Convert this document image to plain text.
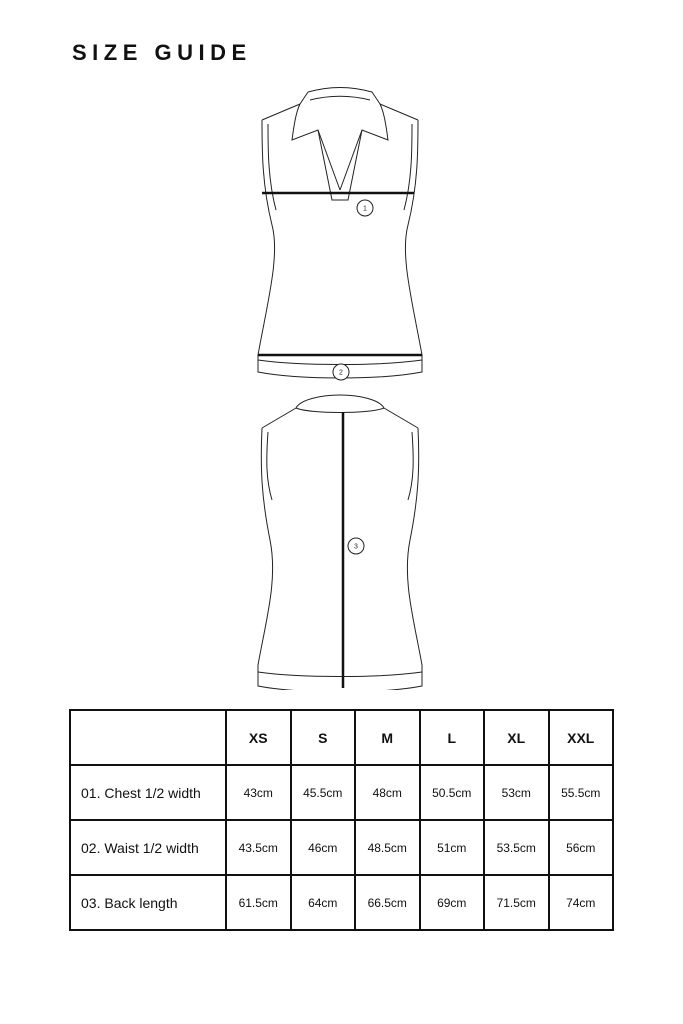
SIZE GUIDE
1
2
3
	XS	S	M	L	XL	XXL
01. Chest 1/2 width	43cm	45.5cm	48cm	50.5cm	53cm	55.5cm
02. Waist 1/2 width	43.5cm	46cm	48.5cm	51cm	53.5cm	56cm
03. Back length	61.5cm	64cm	66.5cm	69cm	71.5cm	74cm
